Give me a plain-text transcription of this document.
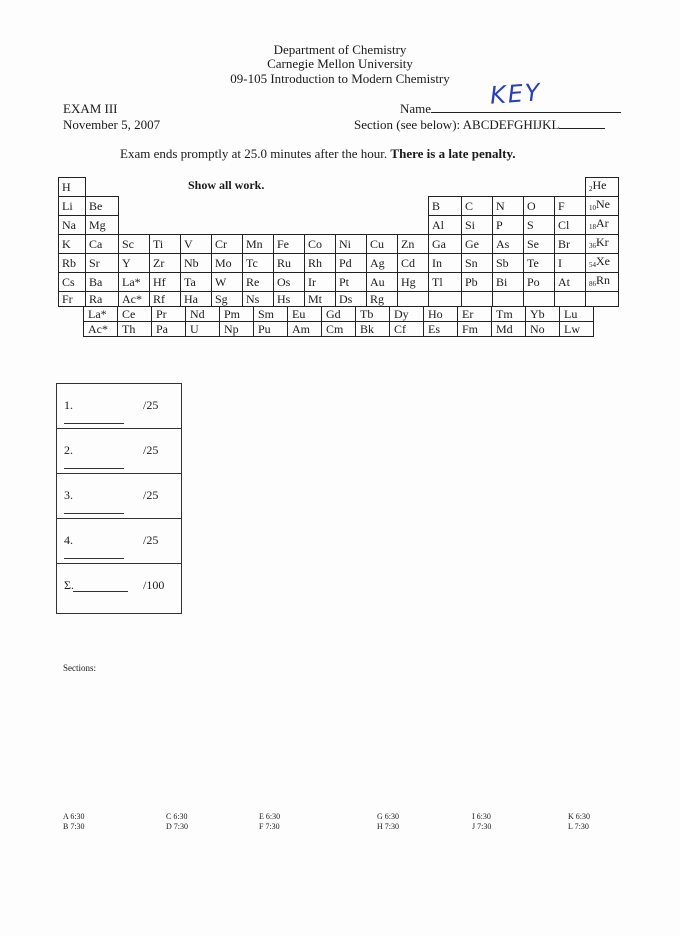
Department of Chemistry
Carnegie Mellon University
09-105 Introduction to Modern Chemistry
EXAM III
November 5, 2007
Name	KEY
Section (see below): ABCDEFGHIJKL
Exam ends promptly at 25.0 minutes after the hour. There is a late penalty.
H																	2He
Li	Be											B	C	N	O	F	10Ne
Na	Mg											Al	Si	P	S	Cl	18Ar
K	Ca	Sc	Ti	V	Cr	Mn	Fe	Co	Ni	Cu	Zn	Ga	Ge	As	Se	Br	36Kr
Rb	Sr	Y	Zr	Nb	Mo	Tc	Ru	Rh	Pd	Ag	Cd	In	Sn	Sb	Te	I	54Xe
Cs	Ba	La*	Hf	Ta	W	Re	Os	Ir	Pt	Au	Hg	Tl	Pb	Bi	Po	At	86Rn
Fr	Ra	Ac*	Rf	Ha	Sg	Ns	Hs	Mt	Ds	Rg							
Show all work.
La*	Ce	Pr	Nd	Pm	Sm	Eu	Gd	Tb	Dy	Ho	Er	Tm	Yb	Lu
Ac*	Th	Pa	U	Np	Pu	Am	Cm	Bk	Cf	Es	Fm	Md	No	Lw
1.	/25
2.	/25
3.	/25
4.	/25
Σ.	/100
Sections:
A 6:30
B 7:30
C 6:30
D 7:30
E 6:30
F 7:30
G 6:30
H 7:30
I 6:30
J 7:30
K 6:30
L 7:30
